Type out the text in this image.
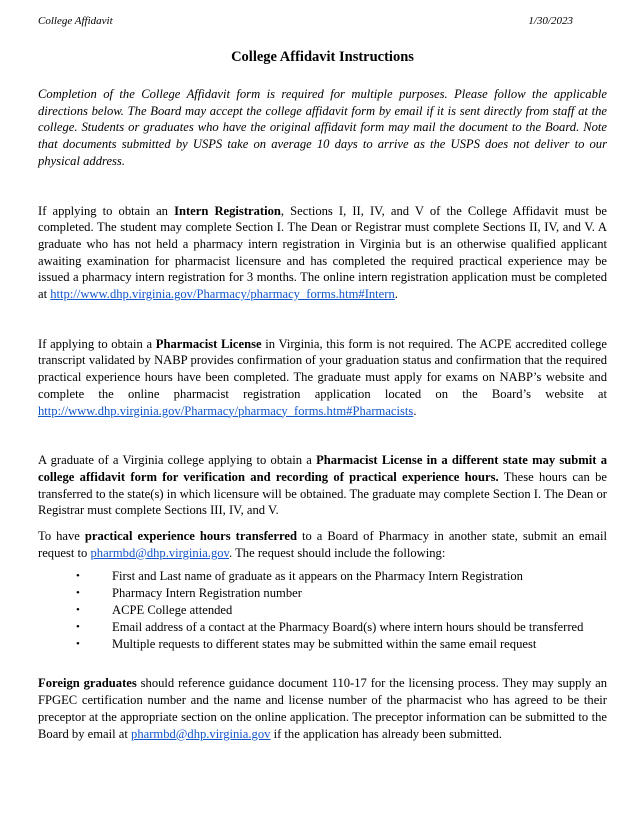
College Affidavit	1/30/2023
College Affidavit Instructions

Completion of the College Affidavit form is required for multiple purposes. Please follow the applicable directions below. The Board may accept the college affidavit form by email if it is sent directly from staff at the college. Students or graduates who have the original affidavit form may mail the document to the Board. Note that documents submitted by USPS take on average 10 days to arrive as the USPS does not deliver to our physical address.

If applying to obtain an Intern Registration, Sections I, II, IV, and V of the College Affidavit must be completed. The student may complete Section I. The Dean or Registrar must complete Sections II, IV, and V. A graduate who has not held a pharmacy intern registration in Virginia but is an otherwise qualified applicant awaiting examination for pharmacist licensure and has completed the required practical experience may be issued a pharmacy intern registration for 3 months. The online intern registration application must be completed at http://www.dhp.virginia.gov/Pharmacy/pharmacy_forms.htm#Intern.

If applying to obtain a Pharmacist License in Virginia, this form is not required. The ACPE accredited college transcript validated by NABP provides confirmation of your graduation status and confirmation that the required practical experience hours have been completed. The graduate must apply for exams on NABP’s website and complete the online pharmacist registration application located on the Board’s website at http://www.dhp.virginia.gov/Pharmacy/pharmacy_forms.htm#Pharmacists.

A graduate of a Virginia college applying to obtain a Pharmacist License in a different state may submit a college affidavit form for verification and recording of practical experience hours. These hours can be transferred to the state(s) in which licensure will be obtained. The graduate may complete Section I. The Dean or Registrar must complete Sections III, IV, and V.

To have practical experience hours transferred to a Board of Pharmacy in another state, submit an email request to pharmbd@dhp.virginia.gov. The request should include the following:

•	First and Last name of graduate as it appears on the Pharmacy Intern Registration
•	Pharmacy Intern Registration number
•	ACPE College attended
•	Email address of a contact at the Pharmacy Board(s) where intern hours should be transferred
•	Multiple requests to different states may be submitted within the same email request

Foreign graduates should reference guidance document 110-17 for the licensing process. They may supply an FPGEC certification number and the name and license number of the pharmacist who has agreed to be their preceptor at the appropriate section on the online application. The preceptor information can be submitted to the Board by email at pharmbd@dhp.virginia.gov if the application has already been submitted.
